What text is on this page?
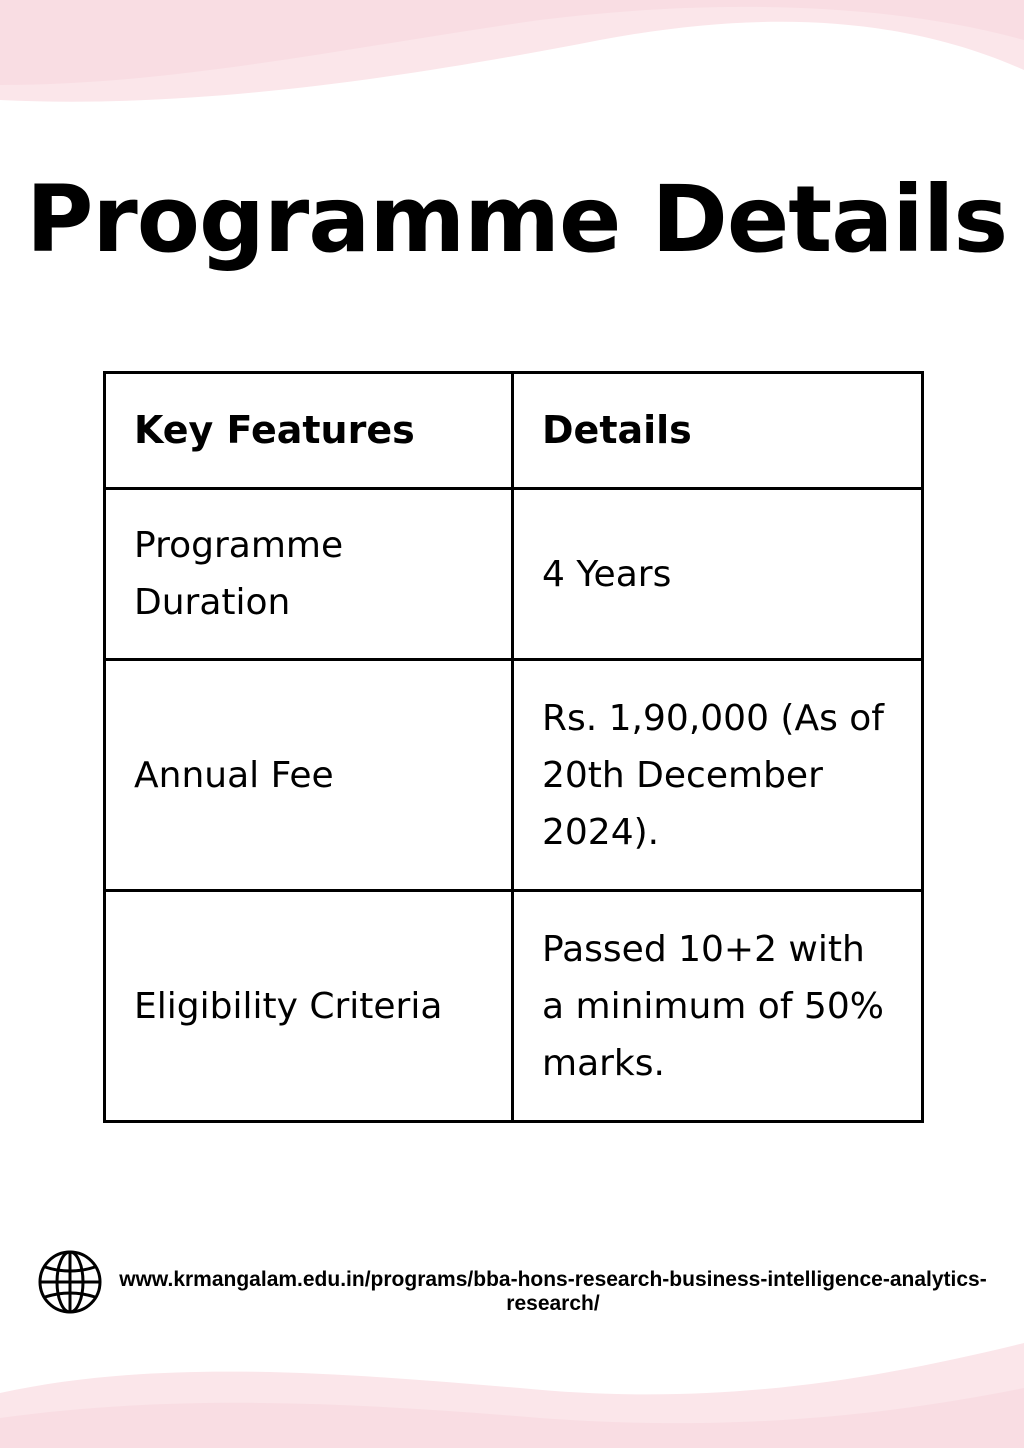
Programme Details
Key Features	Details
Programme Duration	4 Years
Annual Fee	Rs. 1,90,000 (As of 20th December 2024).
Eligibility Criteria	Passed 10+2 with a minimum of 50% marks.
www.krmangalam.edu.in/programs/bba-hons-research-business-intelligence-analytics-research/
